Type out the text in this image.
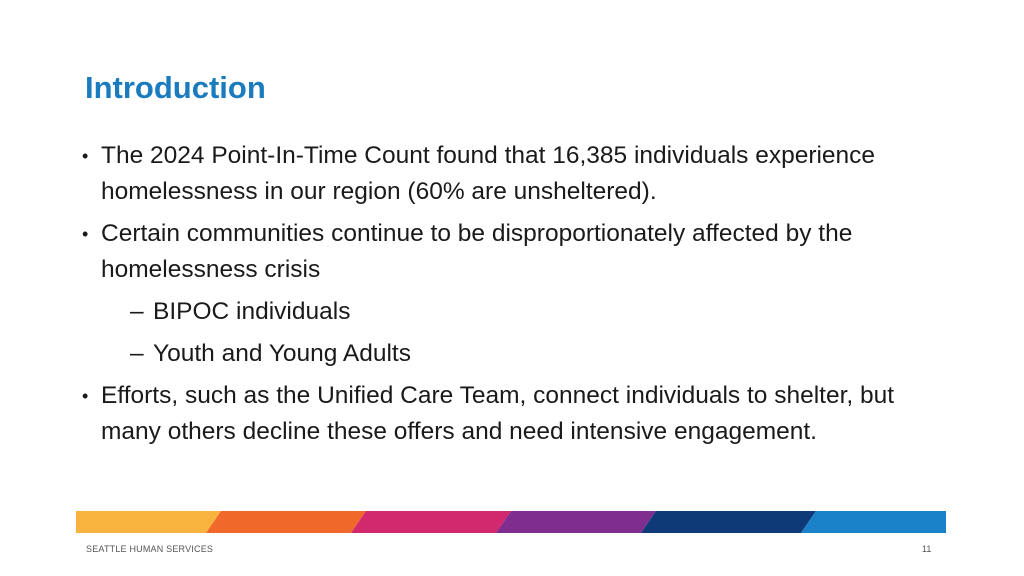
Introduction
• The 2024 Point-In-Time Count found that 16,385 individuals experience homelessness in our region (60% are unsheltered).
• Certain communities continue to be disproportionately affected by the homelessness crisis
– BIPOC individuals
– Youth and Young Adults
• Efforts, such as the Unified Care Team, connect individuals to shelter, but many others decline these offers and need intensive engagement.
SEATTLE HUMAN SERVICES	11
